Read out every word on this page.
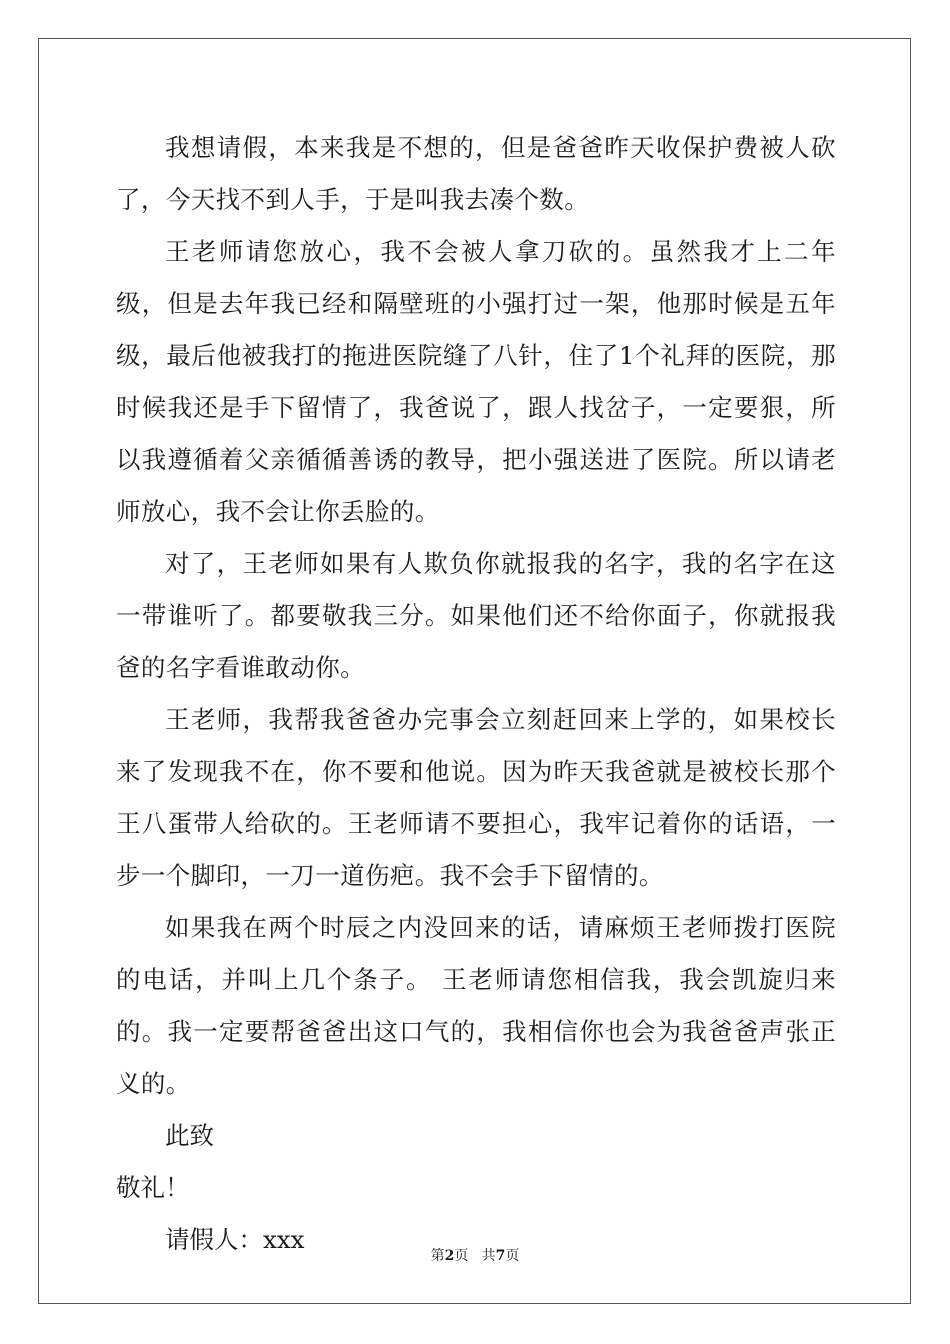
我想请假，本来我是不想的，但是爸爸昨天收保护费被人砍了，今天找不到人手，于是叫我去凑个数。

王老师请您放心，我不会被人拿刀砍的。虽然我才上二年级，但是去年我已经和隔壁班的小强打过一架，他那时候是五年级，最后他被我打的拖进医院缝了八针，住了1个礼拜的医院，那时候我还是手下留情了，我爸说了，跟人找岔子，一定要狠，所以我遵循着父亲循循善诱的教导，把小强送进了医院。所以请老师放心，我不会让你丢脸的。

对了，王老师如果有人欺负你就报我的名字，我的名字在这一带谁听了。都要敬我三分。如果他们还不给你面子，你就报我爸的名字看谁敢动你。

王老师，我帮我爸爸办完事会立刻赶回来上学的，如果校长来了发现我不在，你不要和他说。因为昨天我爸就是被校长那个王八蛋带人给砍的。王老师请不要担心，我牢记着你的话语，一步一个脚印，一刀一道伤疤。我不会手下留情的。

如果我在两个时辰之内没回来的话，请麻烦王老师拨打医院的电话，并叫上几个条子。 王老师请您相信我，我会凯旋归来的。我一定要帮爸爸出这口气的，我相信你也会为我爸爸声张正义的。

此致

敬礼！

请假人：xxx

第2页   共7页
